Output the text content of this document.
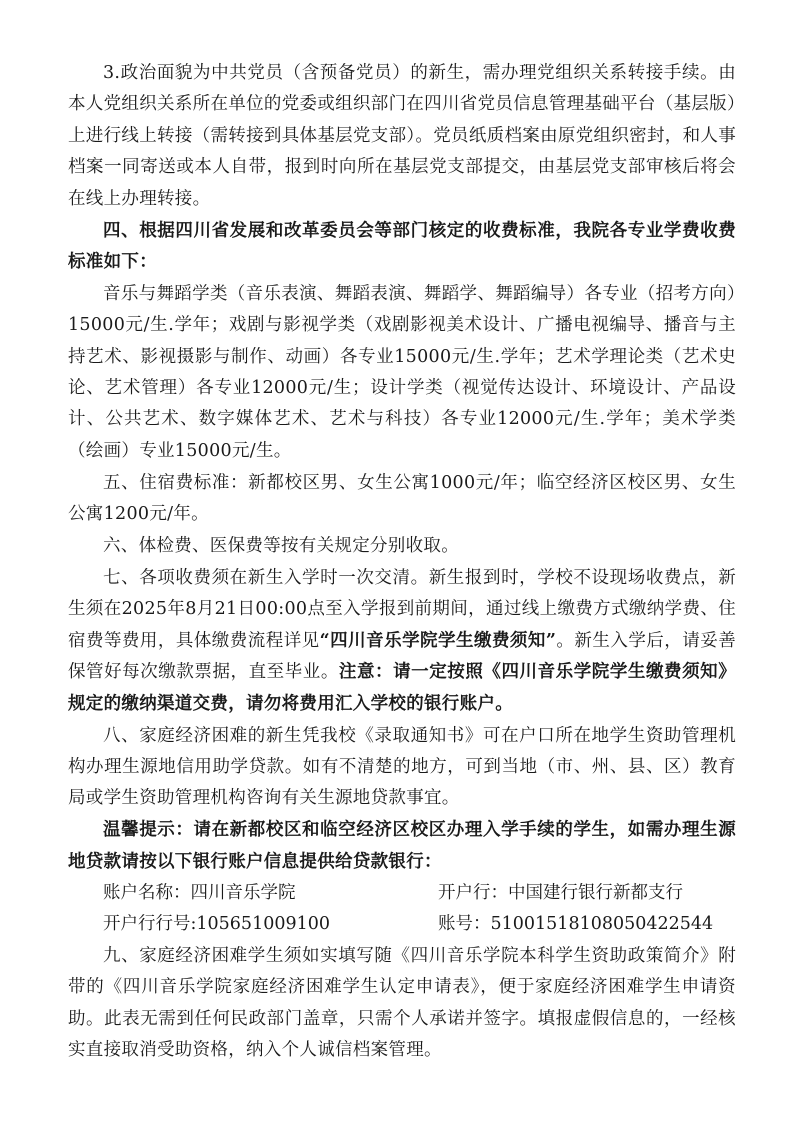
3.政治面貌为中共党员（含预备党员）的新生，需办理党组织关系转接手续。由本人党组织关系所在单位的党委或组织部门在四川省党员信息管理基础平台（基层版）上进行线上转接（需转接到具体基层党支部）。党员纸质档案由原党组织密封，和人事档案一同寄送或本人自带，报到时向所在基层党支部提交，由基层党支部审核后将会在线上办理转接。

四、根据四川省发展和改革委员会等部门核定的收费标准，我院各专业学费收费标准如下：

音乐与舞蹈学类（音乐表演、舞蹈表演、舞蹈学、舞蹈编导）各专业（招考方向）15000元/生.学年；戏剧与影视学类（戏剧影视美术设计、广播电视编导、播音与主持艺术、影视摄影与制作、动画）各专业15000元/生.学年；艺术学理论类（艺术史论、艺术管理）各专业12000元/生；设计学类（视觉传达设计、环境设计、产品设计、公共艺术、数字媒体艺术、艺术与科技）各专业12000元/生.学年；美术学类（绘画）专业15000元/生。

五、住宿费标准：新都校区男、女生公寓1000元/年；临空经济区校区男、女生公寓1200元/年。

六、体检费、医保费等按有关规定分别收取。

七、各项收费须在新生入学时一次交清。新生报到时，学校不设现场收费点，新生须在2025年8月21日00:00点至入学报到前期间，通过线上缴费方式缴纳学费、住宿费等费用，具体缴费流程详见“四川音乐学院学生缴费须知”。新生入学后，请妥善保管好每次缴款票据，直至毕业。注意：请一定按照《四川音乐学院学生缴费须知》规定的缴纳渠道交费，请勿将费用汇入学校的银行账户。

八、家庭经济困难的新生凭我校《录取通知书》可在户口所在地学生资助管理机构办理生源地信用助学贷款。如有不清楚的地方，可到当地（市、州、县、区）教育局或学生资助管理机构咨询有关生源地贷款事宜。

温馨提示：请在新都校区和临空经济区校区办理入学手续的学生，如需办理生源地贷款请按以下银行账户信息提供给贷款银行：

账户名称：四川音乐学院	开户行：中国建行银行新都支行
开户行行号:105651009100	账号：51001518108050422544

九、家庭经济困难学生须如实填写随《四川音乐学院本科学生资助政策简介》附带的《四川音乐学院家庭经济困难学生认定申请表》，便于家庭经济困难学生申请资助。此表无需到任何民政部门盖章，只需个人承诺并签字。填报虚假信息的，一经核实直接取消受助资格，纳入个人诚信档案管理。
